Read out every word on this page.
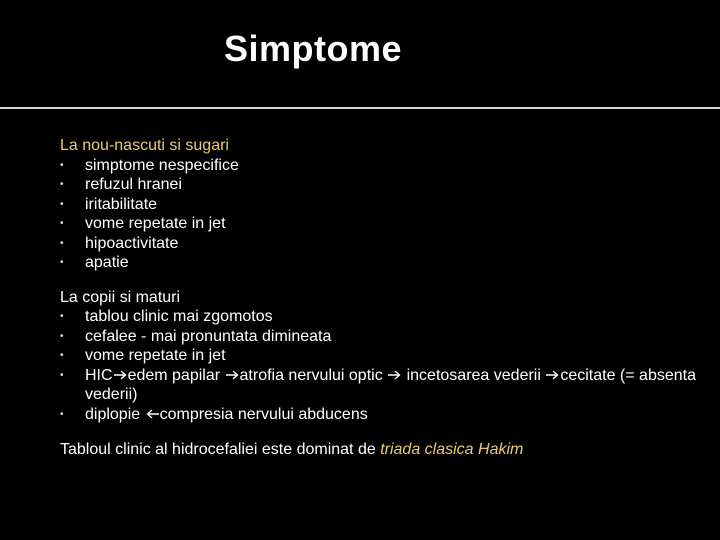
Simptome
La nou-nascuti si sugari
• simptome nespecifice
• refuzul hranei
• iritabilitate
• vome repetate in jet
• hipoactivitate
• apatie
La copii si maturi
• tablou clinic mai zgomotos
• cefalee - mai pronuntata dimineata
• vome repetate in jet
• HIC edem papilar atrofia nervului optic  incetosarea vederii cecitate (= absenta vederii)
• diplopie compresia nervului abducens
Tabloul clinic al hidrocefaliei este dominat de triada clasica Hakim
